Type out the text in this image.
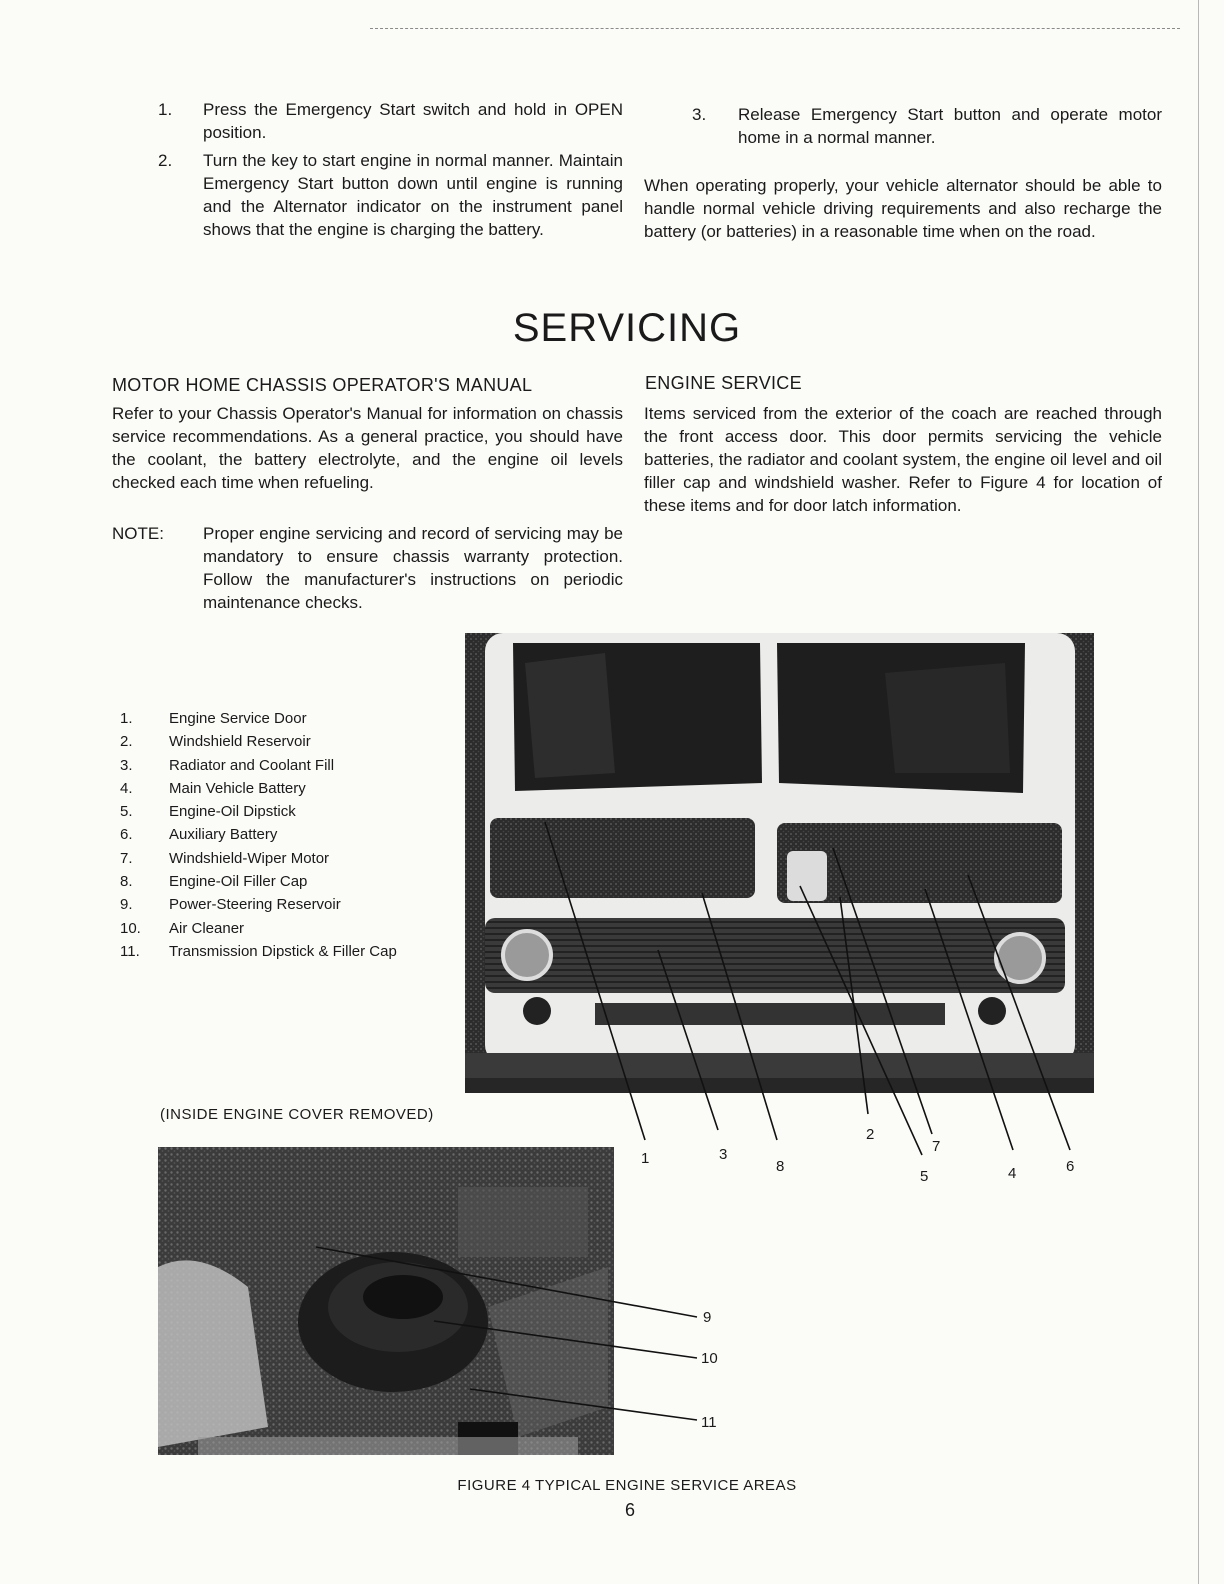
1. Press the Emergency Start switch and hold in OPEN position.
2. Turn the key to start engine in normal manner. Maintain Emergency Start button down until engine is running and the Alternator indicator on the instrument panel shows that the engine is charging the battery.
3. Release Emergency Start button and operate motor home in a normal manner.
When operating properly, your vehicle alternator should be able to handle normal vehicle driving requirements and also recharge the battery (or batteries) in a reasonable time when on the road.
SERVICING
MOTOR HOME CHASSIS OPERATOR'S MANUAL
Refer to your Chassis Operator's Manual for information on chassis service recommendations. As a general practice, you should have the coolant, the battery electrolyte, and the engine oil levels checked each time when refueling.
NOTE: Proper engine servicing and record of servicing may be mandatory to ensure chassis warranty protection. Follow the manufacturer's instructions on periodic maintenance checks.
ENGINE SERVICE
Items serviced from the exterior of the coach are reached through the front access door. This door permits servicing the vehicle batteries, the radiator and coolant system, the engine oil level and oil filler cap and windshield washer. Refer to Figure 4 for location of these items and for door latch information.
1.	Engine Service Door
2.	Windshield Reservoir
3.	Radiator and Coolant Fill
4.	Main Vehicle Battery
5.	Engine-Oil Dipstick
6.	Auxiliary Battery
7.	Windshield-Wiper Motor
8.	Engine-Oil Filler Cap
9.	Power-Steering Reservoir
10.	Air Cleaner
11.	Transmission Dipstick & Filler Cap
1	3
8
2
7
5	4	6
(INSIDE ENGINE COVER REMOVED)
9
10
11
FIGURE 4 TYPICAL ENGINE SERVICE AREAS
6
